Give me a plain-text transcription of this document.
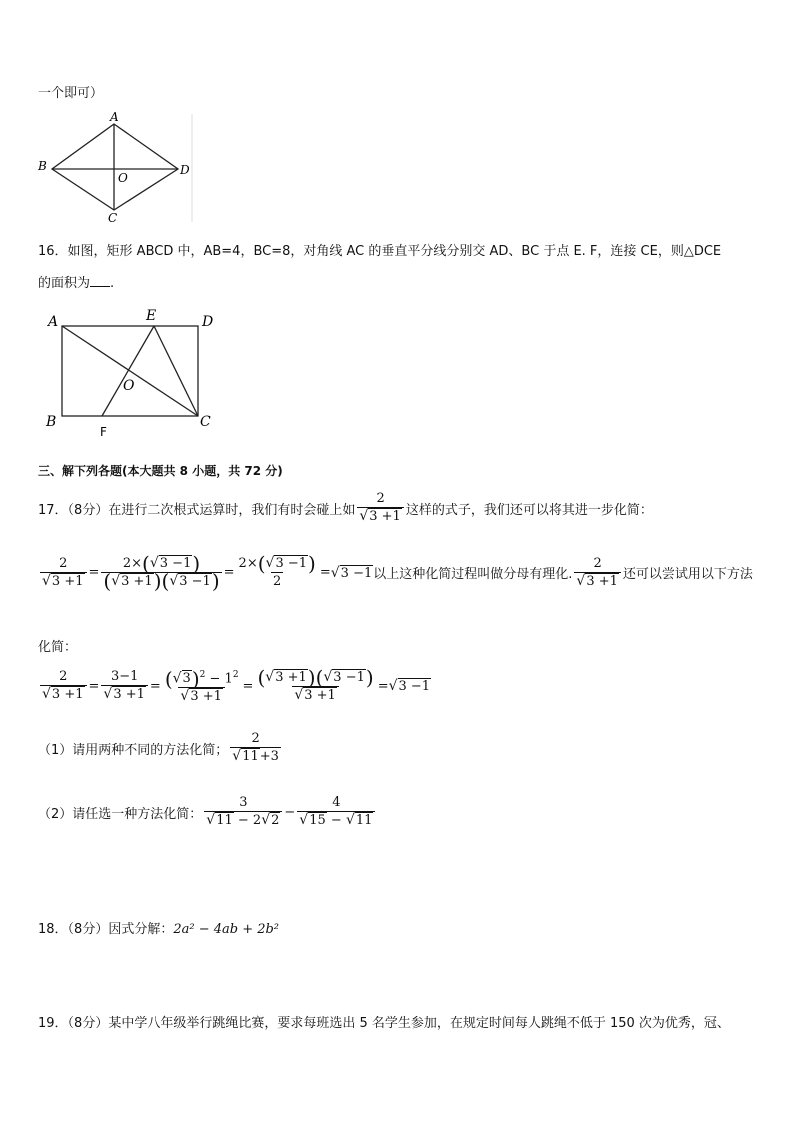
一个即可）
A
B
O
D
C
16．如图，矩形 ABCD 中，AB=4，BC=8，对角线 AC 的垂直平分线分别交 AD、BC 于点 E. F，连接 CE，则△DCE
的面积为 .
A	E	D
O
B
F
C
三、解下列各题(本大题共 8 小题，共 72 分)
17．（8分）在进行二次根式运算时，我们有时会碰上如 $\frac{2}{√3 +1}$ 这样的式子，我们还可以将其进一步化简：
$\frac{2}{√3 +1} = \frac{2\times(√3 -1)}{(√3 +1)(√3 -1)} = \frac{2\times(√3 -1)}{2}$ = √ 3 −1 以上这种化简过程叫做分母有理化. $\frac{2}{√3 +1}$ 还可以尝试用以下方法
化简：
$\frac{2}{√3 +1} = \frac{3-1}{√3 +1} = \frac{(√3)^2 - 1^2}{√3 +1} = \frac{(√3 +1)(√3 -1)}{√3 +1}$ = √ 3 −1
（1）请用两种不同的方法化简； $\frac{2}{√11+3}$
（2）请任选一种方法化简： $\frac{3}{√11 - 2√2} - \frac{4}{√15 - √11}$
18．（8分）因式分解：2a² − 4ab + 2b²
19．（8分）某中学八年级举行跳绳比赛，要求每班选出 5 名学生参加，在规定时间每人跳绳不低于 150 次为优秀，冠、
